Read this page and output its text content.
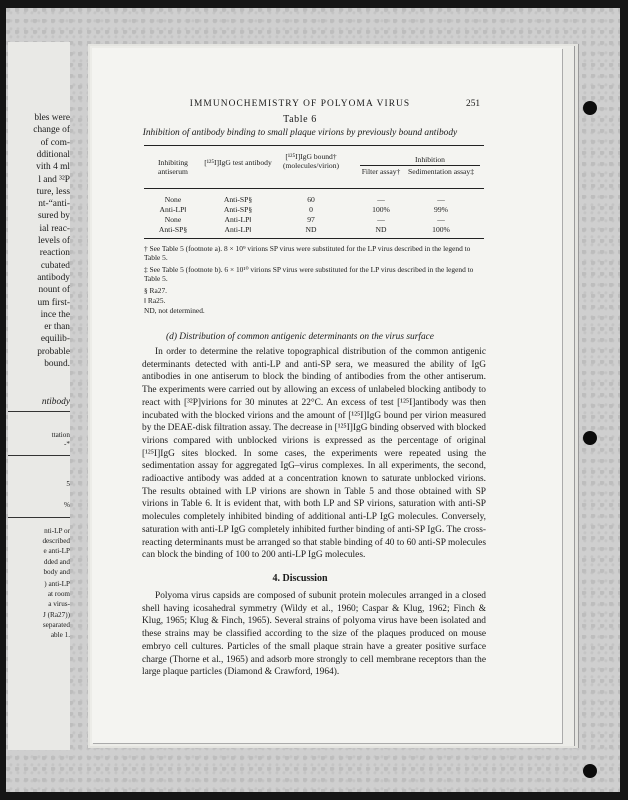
bles were
change of
of com-
dditional
vith 4 ml
l and ³²P
ture, less
nt-“anti-
sured by
ial reac-
levels of
reaction
cubated
antibody
nount of
um first-
ince the
er than
equilib-
probable
bound.
ntibody
ttation
-*
5
%
nti-LP or
described
e anti-LP
dded and
body and
) anti-LP
at room
a virus-
J (Ra27))
separated
able 1.
IMMUNOCHEMISTRY OF POLYOMA VIRUS	251
Table 6
Inhibition of antibody binding to small plaque virions by previously bound antibody
Inhibiting antiserum
[¹²⁵I]IgG test antibody
[¹²⁵I]IgG bound† (molecules/virion)
Inhibition
Filter assay†	Sedimentation assay‡
None	Anti-SP§	60	—	—
Anti-LP‖	Anti-SP§	0	100%	99%
None	Anti-LP‖	97	—	—
Anti-SP§	Anti-LP‖	ND	ND	100%
† See Table 5 (footnote a). 8 × 10⁹ virions SP virus were substituted for the LP virus described in the legend to Table 5.
‡ See Table 5 (footnote b). 6 × 10¹⁰ virions SP virus were substituted for the LP virus described in the legend to Table 5.
§ Ra27.
‖ Ra25.
ND, not determined.
(d) Distribution of common antigenic determinants on the virus surface
In order to determine the relative topographical distribution of the common antigenic determinants detected with anti-LP and anti-SP sera, we measured the ability of IgG antibodies in one antiserum to block the binding of antibodies from the other antiserum. The experiments were carried out by allowing an excess of unlabeled blocking antibody to react with [³²P]virions for 30 minutes at 22°C. An excess of test [¹²⁵I]antibody was then incubated with the blocked virions and the amount of [¹²⁵I]IgG bound per virion measured by the DEAE-disk filtration assay. The decrease in [¹²⁵I]IgG binding observed with blocked virions compared with unblocked virions is expressed as the percentage of original [¹²⁵I]IgG sites blocked. In some cases, the experiments were repeated using the sedimentation assay for aggregated IgG–virus complexes. In all experiments, the second, radioactive antibody was added at a concentration known to saturate unblocked virions. The results obtained with LP virions are shown in Table 5 and those obtained with SP virions in Table 6. It is evident that, with both LP and SP virions, saturation with anti-SP molecules completely inhibited binding of additional anti-LP IgG molecules. Conversely, saturation with anti-LP IgG completely inhibited further binding of anti-SP IgG. The cross-reacting determinants must be arranged so that stable binding of 40 to 60 anti-SP molecules can block the binding of 100 to 200 anti-LP IgG molecules.
4. Discussion
Polyoma virus capsids are composed of subunit protein molecules arranged in a closed shell having icosahedral symmetry (Wildy et al., 1960; Caspar & Klug, 1962; Finch & Klug, 1965; Klug & Finch, 1965). Several strains of polyoma virus have been isolated and these strains may be classified according to the size of the plaques produced on mouse embryo cell cultures. Particles of the small plaque strain have a greater positive surface charge (Thorne et al., 1965) and adsorb more strongly to cell membrane receptors than the large plaque particles (Diamond & Crawford, 1964).
